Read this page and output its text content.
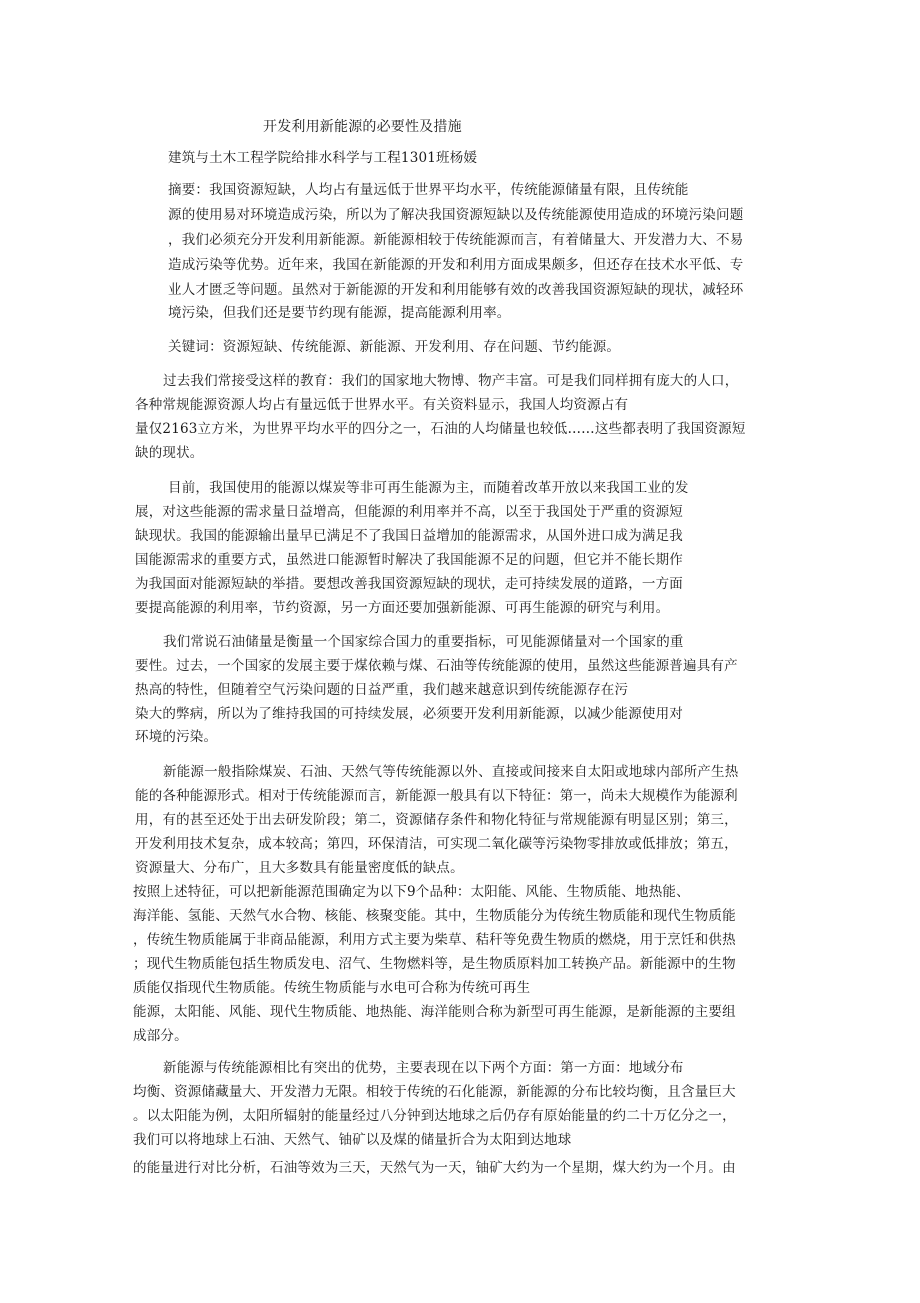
开发利用新能源的必要性及措施
建筑与土木工程学院给排水科学与工程1301班杨媛
摘要：我国资源短缺，人均占有量远低于世界平均水平，传统能源储量有限，且传统能
源的使用易对环境造成污染，所以为了解决我国资源短缺以及传统能源使用造成的环境污染问题
，我们必须充分开发利用新能源。新能源相较于传统能源而言，有着储量大、开发潜力大、不易
造成污染等优势。近年来，我国在新能源的开发和利用方面成果颇多，但还存在技术水平低、专
业人才匮乏等问题。虽然对于新能源的开发和利用能够有效的改善我国资源短缺的现状，减轻环
境污染，但我们还是要节约现有能源，提高能源利用率。
关键词：资源短缺、传统能源、新能源、开发利用、存在问题、节约能源。
过去我们常接受这样的教育：我们的国家地大物博、物产丰富。可是我们同样拥有庞大的人口，
各种常规能源资源人均占有量远低于世界水平。有关资料显示，我国人均资源占有
量仅2163立方米，为世界平均水平的四分之一，石油的人均储量也较低……这些都表明了我国资源短
缺的现状。
目前，我国使用的能源以煤炭等非可再生能源为主，而随着改革开放以来我国工业的发
展，对这些能源的需求量日益增高，但能源的利用率并不高，以至于我国处于严重的资源短
缺现状。我国的能源输出量早已满足不了我国日益增加的能源需求，从国外进口成为满足我
国能源需求的重要方式，虽然进口能源暂时解决了我国能源不足的问题，但它并不能长期作
为我国面对能源短缺的举措。要想改善我国资源短缺的现状，走可持续发展的道路，一方面
要提高能源的利用率，节约资源，另一方面还要加强新能源、可再生能源的研究与利用。
我们常说石油储量是衡量一个国家综合国力的重要指标，可见能源储量对一个国家的重
要性。过去，一个国家的发展主要于煤依赖与煤、石油等传统能源的使用，虽然这些能源普遍具有产
热高的特性，但随着空气污染问题的日益严重，我们越来越意识到传统能源存在污
染大的弊病，所以为了维持我国的可持续发展，必须要开发利用新能源，以减少能源使用对
环境的污染。
新能源一般指除煤炭、石油、天然气等传统能源以外、直接或间接来自太阳或地球内部所产生热
能的各种能源形式。相对于传统能源而言，新能源一般具有以下特征：第一，尚未大规模作为能源利
用，有的甚至还处于出去研发阶段；第二，资源储存条件和物化特征与常规能源有明显区别；第三，
开发利用技术复杂，成本较高；第四，环保清洁，可实现二氧化碳等污染物零排放或低排放；第五，
资源量大、分布广，且大多数具有能量密度低的缺点。
按照上述特征，可以把新能源范围确定为以下9个品种：太阳能、风能、生物质能、地热能、
海洋能、氢能、天然气水合物、核能、核聚变能。其中，生物质能分为传统生物质能和现代生物质能
，传统生物质能属于非商品能源，利用方式主要为柴草、秸秆等免费生物质的燃烧，用于烹饪和供热
；现代生物质能包括生物质发电、沼气、生物燃料等，是生物质原料加工转换产品。新能源中的生物
质能仅指现代生物质能。传统生物质能与水电可合称为传统可再生
能源，太阳能、风能、现代生物质能、地热能、海洋能则合称为新型可再生能源，是新能源的主要组
成部分。
新能源与传统能源相比有突出的优势，主要表现在以下两个方面：第一方面：地域分布
均衡、资源储藏量大、开发潜力无限。相较于传统的石化能源，新能源的分布比较均衡，且含量巨大
。以太阳能为例，太阳所辐射的能量经过八分钟到达地球之后仍存有原始能量的约二十万亿分之一，
我们可以将地球上石油、天然气、铀矿以及煤的储量折合为太阳到达地球
的能量进行对比分析，石油等效为三天，天然气为一天，铀矿大约为一个星期，煤大约为一个月。由
